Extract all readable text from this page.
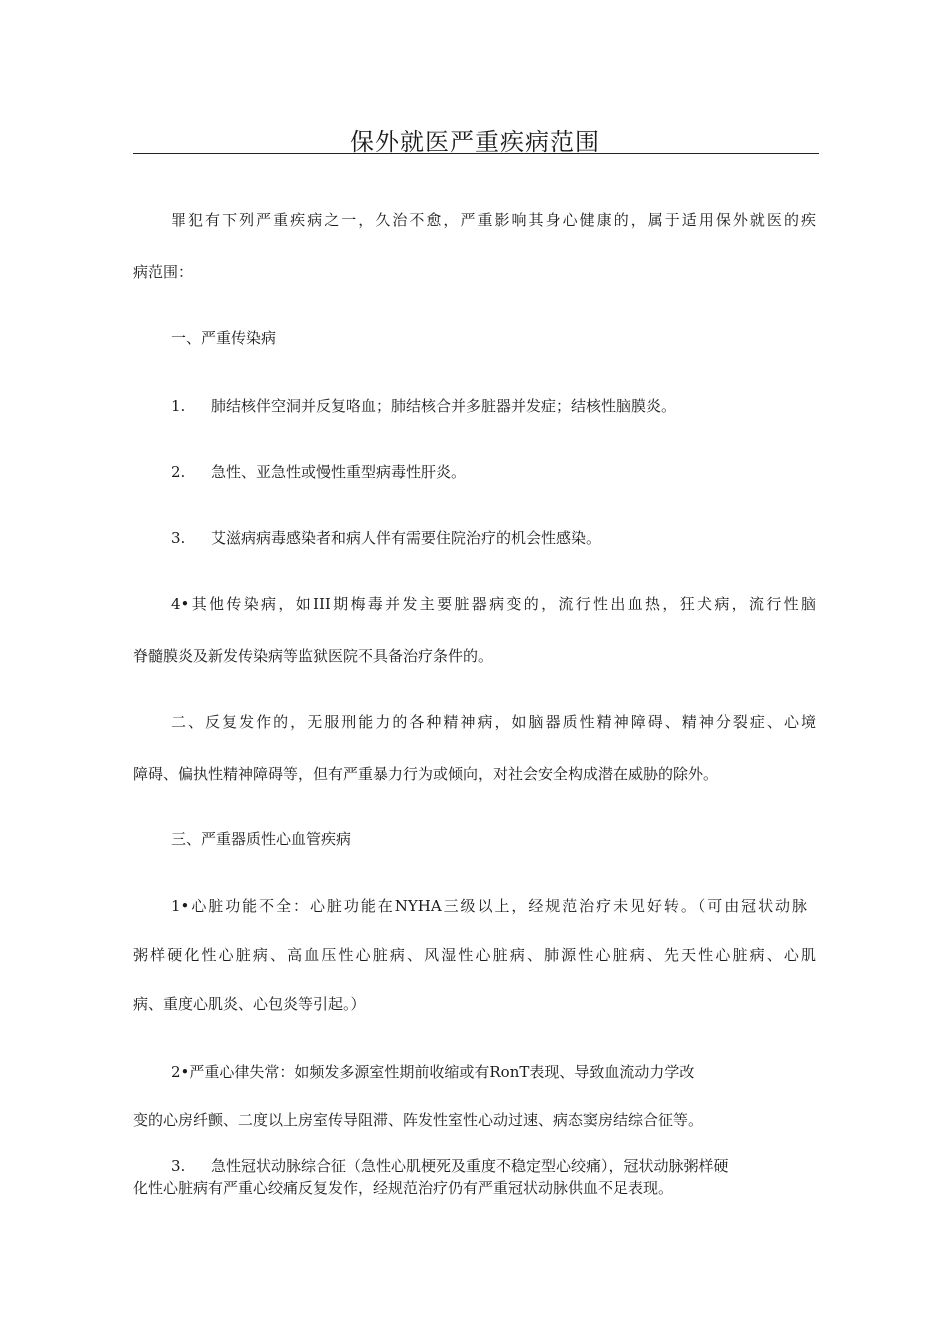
保外就医严重疾病范围
罪犯有下列严重疾病之一，久治不愈，严重影响其身心健康的，属于适用保外就医的疾
病范围：
一、严重传染病
1. 肺结核伴空洞并反复咯血；肺结核合并多脏器并发症；结核性脑膜炎。
2. 急性、亚急性或慢性重型病毒性肝炎。
3. 艾滋病病毒感染者和病人伴有需要住院治疗的机会性感染。
4•其他传染病，如III期梅毒并发主要脏器病变的，流行性出血热，狂犬病，流行性脑
脊髓膜炎及新发传染病等监狱医院不具备治疗条件的。
二、反复发作的，无服刑能力的各种精神病，如脑器质性精神障碍、精神分裂症、心境
障碍、偏执性精神障碍等，但有严重暴力行为或倾向，对社会安全构成潜在威胁的除外。
三、严重器质性心血管疾病
1•心脏功能不全：心脏功能在NYHA三级以上，经规范治疗未见好转。（可由冠状动脉
粥样硬化性心脏病、高血压性心脏病、风湿性心脏病、肺源性心脏病、先天性心脏病、心肌
病、重度心肌炎、心包炎等引起。）
2•严重心律失常：如频发多源室性期前收缩或有RonT表现、导致血流动力学改
变的心房纤颤、二度以上房室传导阻滞、阵发性室性心动过速、病态窦房结综合征等。
3. 急性冠状动脉综合征（急性心肌梗死及重度不稳定型心绞痛），冠状动脉粥样硬
化性心脏病有严重心绞痛反复发作，经规范治疗仍有严重冠状动脉供血不足表现。
